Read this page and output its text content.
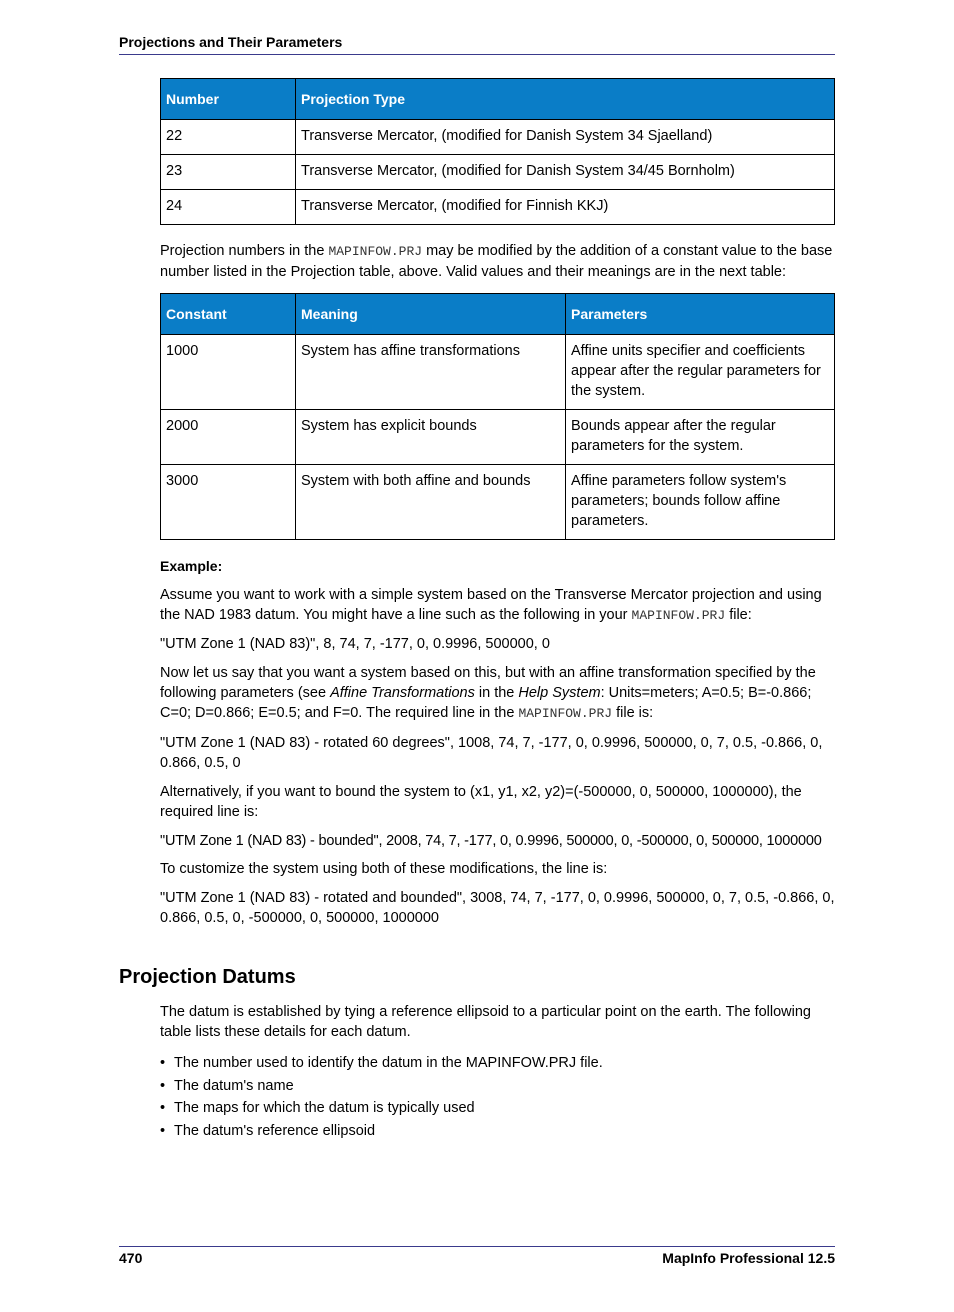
Projections and Their Parameters
Number	Projection Type
22	Transverse Mercator, (modified for Danish System 34 Sjaelland)
23	Transverse Mercator, (modified for Danish System 34/45 Bornholm)
24	Transverse Mercator, (modified for Finnish KKJ)

Projection numbers in the MAPINFOW.PRJ may be modified by the addition of a constant value to the base number listed in the Projection table, above. Valid values and their meanings are in the next table:

Constant	Meaning	Parameters
1000	System has affine transformations	Affine units specifier and coefficients appear after the regular parameters for the system.
2000	System has explicit bounds	Bounds appear after the regular parameters for the system.
3000	System with both affine and bounds	Affine parameters follow system's parameters; bounds follow affine parameters.

Example:

Assume you want to work with a simple system based on the Transverse Mercator projection and using the NAD 1983 datum. You might have a line such as the following in your MAPINFOW.PRJ file:

"UTM Zone 1 (NAD 83)", 8, 74, 7, -177, 0, 0.9996, 500000, 0

Now let us say that you want a system based on this, but with an affine transformation specified by the following parameters (see Affine Transformations in the Help System: Units=meters; A=0.5; B=-0.866; C=0; D=0.866; E=0.5; and F=0. The required line in the MAPINFOW.PRJ file is:

"UTM Zone 1 (NAD 83) - rotated 60 degrees", 1008, 74, 7, -177, 0, 0.9996, 500000, 0, 7, 0.5, -0.866, 0, 0.866, 0.5, 0

Alternatively, if you want to bound the system to (x1, y1, x2, y2)=(-500000, 0, 500000, 1000000), the required line is:

"UTM Zone 1 (NAD 83) - bounded", 2008, 74, 7, -177, 0, 0.9996, 500000, 0, -500000, 0, 500000, 1000000

To customize the system using both of these modifications, the line is:

"UTM Zone 1 (NAD 83) - rotated and bounded", 3008, 74, 7, -177, 0, 0.9996, 500000, 0, 7, 0.5, -0.866, 0, 0.866, 0.5, 0, -500000, 0, 500000, 1000000

Projection Datums

The datum is established by tying a reference ellipsoid to a particular point on the earth. The following table lists these details for each datum.

• The number used to identify the datum in the MAPINFOW.PRJ file.
• The datum's name
• The maps for which the datum is typically used
• The datum's reference ellipsoid
470	MapInfo Professional 12.5
